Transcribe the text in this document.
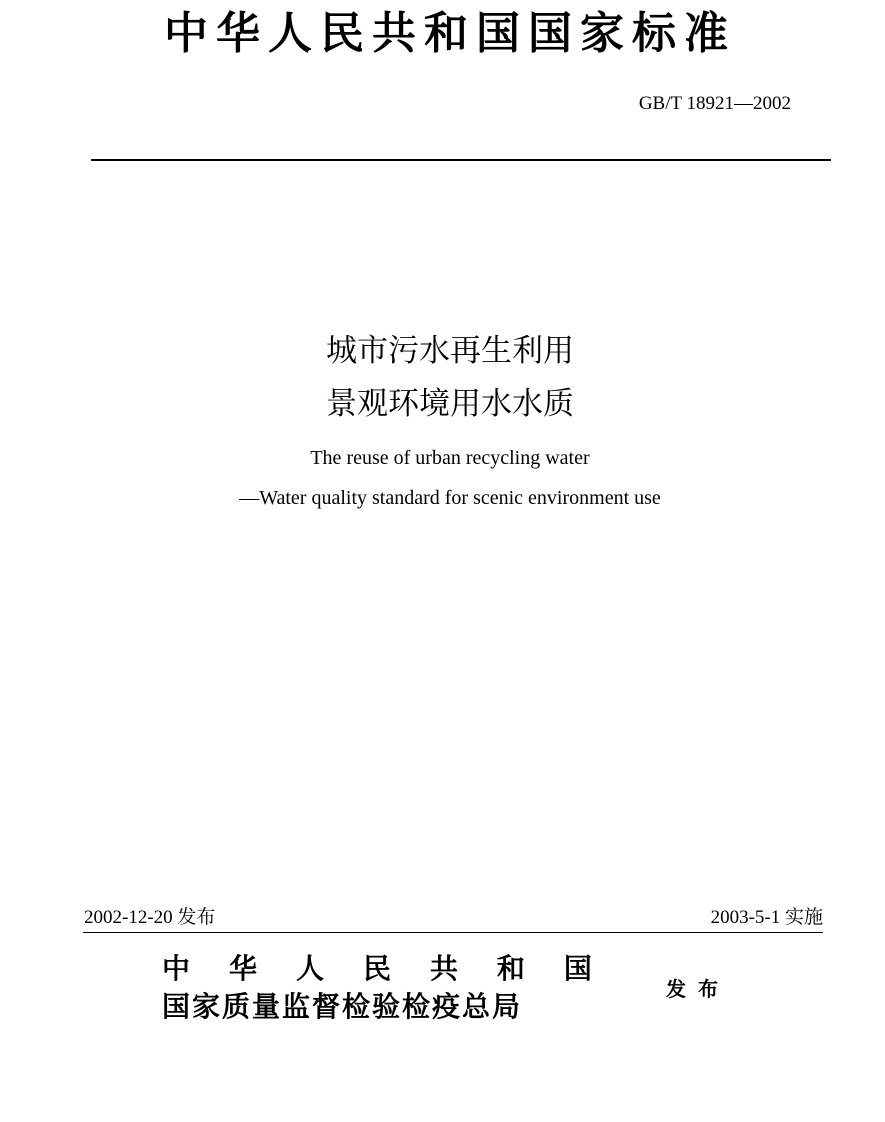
中华人民共和国国家标准
GB/T 18921—2002
城市污水再生利用
景观环境用水水质
The reuse of urban recycling water
—Water quality standard for scenic environment use
2002-12-20 发布	2003-5-1 实施
中 华 人 民 共 和 国
国家质量监督检验检疫总局
发布
